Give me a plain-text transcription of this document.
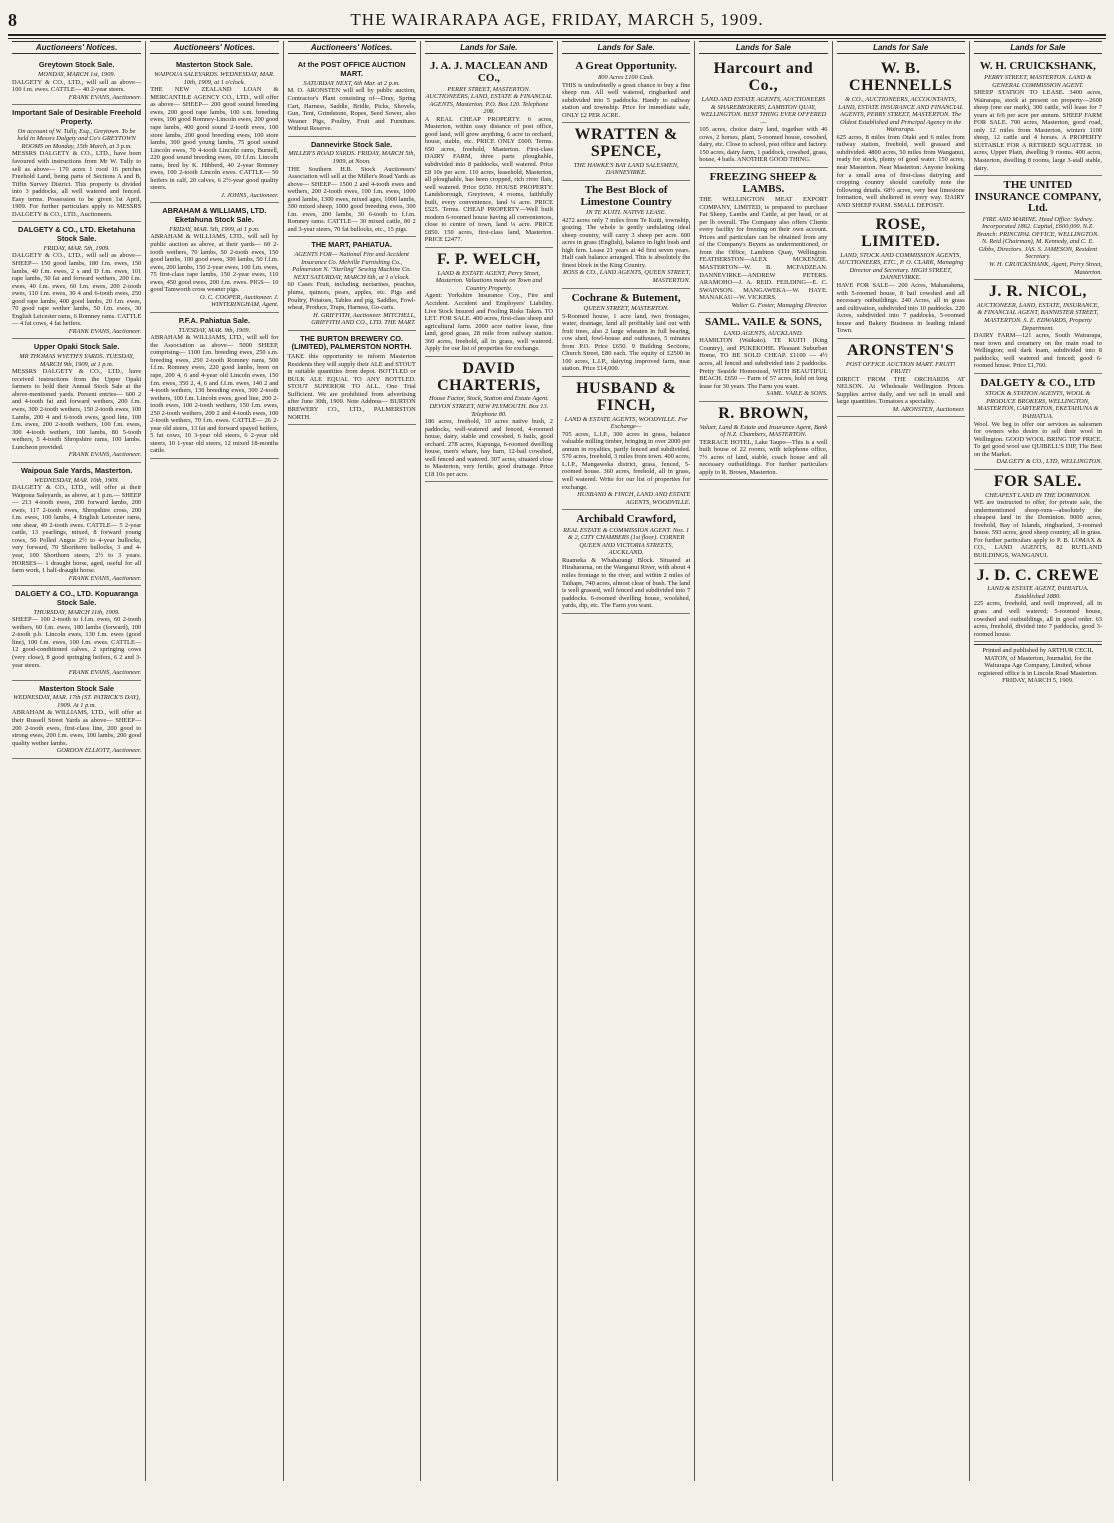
8	THE WAIRARAPA AGE, FRIDAY, MARCH 5, 1909.
Auctioneers' Notices.
Greytown Stock Sale.
MONDAY, MARCH 1st, 1909.
DALGETY & CO., LTD., will sell as above— 100 f.m. ewes. CATTLE— 40 2-year steers.
FRANK EVANS, Auctioneer.
Important Sale of Desirable Freehold Property.
On account of W. Tully, Esq., Greytown. To be held in Messrs Dalgety and Co's GREYTOWN ROOMS on Monday, 15th March, at 3 p.m.
MESSRS DALGETY & CO., LTD., have been favoured with instructions from Mr W. Tully to sell as above— 170 acres 1 rood 16 perches Freehold Land, being parts of Sections A and B, Tiffin Survey District. This property is divided into 3 paddocks, all well watered and fenced. Easy terms. Possession to be given 1st April, 1909. For further particulars apply to MESSRS DALGETY & CO., LTD., Auctioneers.
DALGETY & CO., LTD. Eketahuna Stock Sale.
FRIDAY, MAR. 5th, 1909.
DALGETY & CO., LTD., will sell as above— SHEEP— 150 good lambs, 180 f.m. ewes, 150 lambs, 40 f.m. ewes, 2 s and D f.m. ewes, 101 rape lambs, 50 fat and forward wethers, 200 f.m. ewes, 40 f.m. ewes, 60 f.m. ewes, 200 2-tooth ewes, 110 f.m. ewes, 30 4 and 6-tooth ewes, 250 good rape lambs, 400 good lambs, 20 f.m. ewes, 70 good rape wether lambs, 50 f.m. ewes, 30 English Leicester rams, 6 Romney rams. CATTLE— 4 fat cows, 4 fat heifers.
FRANK EVANS, Auctioneer.
Upper Opaki Stock Sale.
MR THOMAS WYETH'S YARDS. TUESDAY, MARCH 9th, 1909, at 1 p.m.
MESSRS DALGETY & CO., LTD., have received instructions from the Upper Opaki farmers to hold their Annual Stock Sale at the above-mentioned yards. Present entries— 600 2 and 4-tooth fat and forward wethers, 200 f.m. ewes, 300 2-tooth wethers, 150 2-tooth ewes, 100 Lambs, 200 4 and 6-tooth ewes, good line, 100 f.m. ewes, 200 2-tooth wethers, 100 f.m. ewes, 300 4-tooth wethers, 100 lambs, 80 5-tooth wethers, 5 4-tooth Shropshire rams, 100 lambs. Luncheon provided.
FRANK EVANS, Auctioneer.
Waipoua Sale Yards, Masterton.
WEDNESDAY, MAR. 10th, 1909.
DALGETY & CO., LTD., will offer at their Waipoua Saleyards, as above, at 1 p.m.— SHEEP— 213 4-tooth ewes, 200 forward lambs, 200 ewes, 117 2-tooth ewes, Shropshire cross, 200 f.m. ewes, 100 lambs, 4 English Leicester rams, one shear, 49 2-tooth ewes. CATTLE— 5 2-year cattle, 13 yearlings, mixed, 8 forward young cows, 50 Polled Angus 2½ to 4-year bullocks, very forward, 70 Shorthorn bullocks, 3 and 4-year, 100 Shorthorn steers, 2½ to 3 years. HORSES— 1 draught horse, aged, useful for all farm work, 1 half-draught horse.
FRANK EVANS, Auctioneer.
DALGETY & CO., LTD. Kopuaranga Stock Sale.
THURSDAY, MARCH 11th, 1909.
SHEEP— 100 2-tooth to f.f.m. ewes, 60 2-tooth wethers, 60 f.m. ewes, 180 lambs (forward), 100 2-tooth p.b. Lincoln ewes, 130 f.m. ewes (good line), 100 f.m. ewes, 100 f.m. ewes. CATTLE— 12 good-conditioned calves, 2 springing cows (very close), 8 good springing heifers, 6 2 and 3-year steers.
FRANK EVANS, Auctioneer.
Masterton Stock Sale
WEDNESDAY, MAR. 17th (ST. PATRICK'S DAY), 1909. At 1 p.m.
ABRAHAM & WILLIAMS, LTD., will offer at their Russell Street Yards as above— SHEEP— 200 2-tooth ewes, first-class line, 200 good to strong ewes, 200 f.m. ewes, 100 lambs, 200 good quality wether lambs.
GORDON ELLIOTT, Auctioneer.
Auctioneers' Notices.
Masterton Stock Sale.
WAIPOUA SALEYARDS. WEDNESDAY, MAR. 10th, 1909, at 1 o'clock.
THE NEW ZEALAND LOAN & MERCANTILE AGENCY CO., LTD., will offer as above— SHEEP— 200 good sound breeding ewes, 200 good rape lambs, 100 s.m. breeding ewes, 100 good Romney-Lincoln ewes, 200 good rape lambs, 400 good sound 2-tooth ewes, 100 store lambs, 200 good breeding ewes, 100 store lambs, 300 good young lambs, 75 good sound Lincoln ewes, 70 4-tooth Lincoln rams, Burnell, 220 good sound breeding ewes, 10 f.f.m. Lincoln rams, bred by K. Hibberd, 40 2-year Romney ewes, 100 2-tooth Lincoln ewes. CATTLE— 50 heifers in calf, 20 calves, 6 2½-year good quality steers.
J. JOHNS, Auctioneer.
ABRAHAM & WILLIAMS, LTD. Eketahuna Stock Sale.
FRIDAY, MAR. 5th, 1909, at 1 p.m.
ABRAHAM & WILLIAMS, LTD., will sell by public auction as above, at their yards— 60 2-tooth wethers, 70 lambs, 50 2-tooth ewes, 150 good lambs, 100 good ewes, 300 lambs, 50 f.f.m. ewes, 200 lambs, 150 2-year ewes, 100 f.m. ewes, 75 first-class rape lambs, 150 2-year ewes, 110 ewes, 450 good ewes, 200 f.m. ewes. PIGS— 10 good Tamworth cross weaner pigs.
O. C. COOPER, Auctioneer. J. WINTERINGHAM, Agent.
P.F.A. Pahiatua Sale.
TUESDAY, MAR. 9th, 1909.
ABRAHAM & WILLIAMS, LTD., will sell for the Association as above— 5000 SHEEP, comprising— 1100 f.m. breeding ewes, 250 s.m. breeding ewes, 250 2-tooth Romney rams, 500 f.f.m. Romney ewes, 220 good lambs, been on rape, 200 4, 6 and 4-year old Lincoln ewes, 150 f.m. ewes, 350 2, 4, 6 and f.f.m. ewes, 140 2 and 4-tooth wethers, 130 breeding ewes, 300 2-tooth wethers, 100 f.m. Lincoln ewes, good line, 200 2-tooth ewes, 100 2-tooth wethers, 150 f.m. ewes, 250 2-tooth wethers, 200 2 and 4-tooth ewes, 100 2-tooth wethers, 70 f.m. ewes. CATTLE— 26 2-year old steers, 13 fat and forward spayed heifers, 5 fat cows, 10 3-year old steers, 6 2-year old steers, 10 1-year old steers, 12 mixed 18-months cattle.
Auctioneers' Notices.
At the POST OFFICE AUCTION MART.
SATURDAY NEXT, 6th Mar. at 2 p.m.
M. O. ARONSTEN will sell by public auction, Contractor's Plant consisting of—Dray, Spring Cart, Harness, Saddle, Bridle, Picks, Shovels, Gun, Tent, Grindstone, Ropes, Seed Sower, also Weaner Pigs, Poultry, Fruit and Furniture. Without Reserve.
Dannevirke Stock Sale.
MILLER'S ROAD YARDS. FRIDAY, MARCH 5th, 1909, at Noon.
THE Southern H.B. Stock Auctioneers' Association will sell at the Miller's Road Yards as above— SHEEP— 1500 2 and 4-tooth ewes and wethers, 200 2-tooth ewes, 100 f.m. ewes, 1000 good lambs, 1300 ewes, mixed ages, 1000 lambs, 300 mixed sheep, 1000 good breeding ewes, 300 f.m. ewes, 200 lambs, 30 6-tooth to f.f.m. Romney rams. CATTLE— 30 mixed cattle, 80 2 and 3-year steers, 70 fat bullocks, etc., 15 pigs.
THE MART, PAHIATUA.
AGENTS FOR— National Fire and Accident Insurance Co. Melville Furnishing Co., Palmerston N. "Sterling" Sewing Machine Co. NEXT SATURDAY, MARCH 6th, at 1 o'clock.
60 Cases Fruit, including nectarines, peaches, plums, quinces, pears, apples, etc. Pigs and Poultry, Potatoes, Tables and pig, Saddles, Fowl-wheat, Produce, Traps, Harness, Go-carts.
H. GRIFFITH, Auctioneer. MITCHELL, GRIFFITH AND CO., LTD. THE MART.
THE BURTON BREWERY CO. (LIMITED), PALMERSTON NORTH.
TAKE this opportunity to inform Masterton Residents they will supply their ALE and STOUT in suitable quantities from depot. BOTTLED or BULK ALE EQUAL TO ANY BOTTLED. STOUT SUPERIOR TO ALL. One Trial Sufficient. We are prohibited from advertising after June 30th, 1909. Note Address— BURTON BREWERY CO., LTD., PALMERSTON NORTH.
Lands for Sale.
J. A. J. MACLEAN AND CO.,
PERRY STREET, MASTERTON. AUCTIONEERS, LAND, ESTATE & FINANCIAL AGENTS, Masterton. P.O. Box 120. Telephone 208.
A REAL CHEAP PROPERTY. 6 acres, Masterton, within easy distance of post office, good land, will grow anything, 6 acre in orchard, house, stable, etc. PRICE ONLY £600. Terms. 650 acres, freehold, Masterton. First-class DAIRY FARM, three parts ploughable, subdivided into 8 paddocks, well watered. Price £8 10s per acre. 110 acres, leasehold, Masterton, all ploughable, has been cropped, rich river flats, well watered. Price £650. HOUSE PROPERTY. Landsborough, Greytown, 4 rooms, faithfully built, every convenience, land ¼ acre. PRICE £525. Terms. CHEAP PROPERTY—Well built modern 6-roomed house having all conveniences, close to centre of town, land ¼ acre. PRICE £850. 150 acres, first-class land, Masterton. PRICE £2477.
F. P. WELCH,
LAND & ESTATE AGENT, Perry Street, Masterton. Valuations made on Town and Country Property.
Agent: Yorkshire Insurance Coy., Fire and Accident. Accident and Employers' Liability. Live Stock Insured and Fooling Risks Taken. TO LET. FOR SALE. 400 acres, first-class sheep and agricultural farm. 2000 acre native lease, fine land, good grass, 28 mile from railway station. 360 acres, freehold, all in grass, well watered. Apply for our list of properties for exchange.
DAVID CHARTERIS,
House Factor, Stock, Station and Estate Agent. DEVON STREET, NEW PLYMOUTH. Box 13. Telephone 80.
186 acres, freehold, 10 acres native bush, 2 paddocks, well-watered and fenced, 4-roomed house, dairy, stable and cowshed, 6 bails, good orchard. 278 acres, Kapunga, 6-roomed dwelling house, men's whare, hay barn, 12-bail cowshed, well fenced and watered. 307 acres, situated close to Masterton, very fertile, good drainage. Price £18 10s per acre.
Lands for Sale.
A Great Opportunity.
800 Acres £100 Cash.
THIS is undoubtedly a great chance to buy a fine sheep run. All well watered, ringbarked and subdivided into 5 paddocks. Handy to railway station and township. Price for immediate sale, ONLY £2 PER ACRE.
WRATTEN & SPENCE,
THE HAWKE'S BAY LAND SALESMEN, DANNEVIRKE.
The Best Block of Limestone Country
IN TE KUITI. NATIVE LEASE.
4272 acres only 7 miles from Te Kuiti, township, grazing. The whole is gently undulating ideal sheep country, will carry 3 sheep per acre. 600 acres in grass (English), balance in light bush and high fern. Lease 21 years at 4d first seven years. Half cash balance arranged. This is absolutely the finest block in the King Country.
ROSS & CO., LAND AGENTS, QUEEN STREET, MASTERTON.
Cochrane & Butement,
QUEEN STREET, MASTERTON.
5-Roomed house, 1 acre land, two frontages, water, drainage, land all profitably laid out with fruit trees, also 2 large wheaten in full bearing, cow shed, fowl-house and outhouses, 5 minutes from P.O. Price £650. 9 Building Sections, Church Street, £80 each. The equity of £2500 in 100 acres, L.I.P., dairying improved farm, near station. Price £14,000.
HUSBAND & FINCH,
LAND & ESTATE AGENTS, WOODVILLE. For Exchange—
705 acres, L.I.P., 300 acres in grass, balance valuable milling timber, bringing in over 2000 per annum in royalties, partly fenced and subdivided. 570 acres, freehold, 3 miles from town. 400 acres, L.I.P., Mangaweka district, grass, fenced, 5-roomed house. 360 acres, freehold, all in grass, well watered. Write for our list of properties for exchange.
HUSBAND & FINCH, LAND AND ESTATE AGENTS, WOODVILLE.
Archibald Crawford,
REAL ESTATE & COMMISSION AGENT. Nos. 1 & 2, CITY CHAMBERS (1st floor). CORNER QUEEN AND VICTORIA STREETS, AUCKLAND.
Ruameka & Whaharangi Block. Situated at Hirahararua, on the Wanganui River, with about 4 miles frontage to the river, and within 2 miles of Taihape, 740 acres, almost clear of bush. The land is well grassed, well fenced and subdivided into 7 paddocks. 6-roomed dwelling house, woolshed, yards, dip, etc. The Farm you want.
Lands for Sale
Harcourt and Co.,
LAND AND ESTATE AGENTS, AUCTIONEERS & SHAREBROKERS, LAMBTON QUAY, WELLINGTON. BEST THING EVER OFFERED—
105 acres, choice dairy land, together with 46 cows, 2 horses, plant, 5-roomed house, cowshed, dairy, etc. Close to school, post office and factory. 150 acres, dairy farm, 1 paddock, cowshed, grass, house, 4 bails. ANOTHER GOOD THING.
FREEZING SHEEP & LAMBS.
THE WELLINGTON MEAT EXPORT COMPANY, LIMITED, is prepared to purchase Fat Sheep, Lambs and Cattle, at per head, or at per lb overall. The Company also offers Clients every facility for freezing on their own account. Prices and particulars can be obtained from any of the Company's Buyers as undermentioned, or from the Office, Lambton Quay, Wellington. FEATHERSTON—ALEX MCKENZIE. MASTERTON—W. B. MCFADZEAN. DANNEVIRKE—ANDREW PETERS. ARAMOHO—J. A. REID. FEILDING—E. C. SWAINSON. MANGAWEKA—W. HAYE. MANAKAU—W. VICKERS.
Walter G. Foster, Managing Director.
SAML. VAILE & SONS,
LAND AGENTS, AUCKLAND.
HAMILTON (Waikato). TE KUITI (King Country), and PUKEKOHE. Pleasant Suburban Home, TO BE SOLD CHEAP. £1100 — 4½ acres, all fenced and subdivided into 2 paddocks. Pretty Seaside Homestead, WITH BEAUTIFUL BEACH. £650 — Farm of 57 acres, hold on long lease for 30 years. The Farm you want.
SAML. VAILE & SONS.
R. BROWN,
Valuer, Land & Estate and Insurance Agent, Bank of N.Z. Chambers, MASTERTON.
TERRACE HOTEL, Lake Taupo—This is a well built house of 22 rooms, with telephone office, 7½ acres of land, stable, coach house and all necessary outbuildings. For further particulars apply to R. Brown, Masterton.
Lands for Sale
W. B. CHENNELLS
& CO., AUCTIONEERS, ACCOUNTANTS, LAND, ESTATE INSURANCE AND FINANCIAL AGENTS, PERRY STREET, MASTERTON. The Oldest Established and Principal Agency in the Wairarapa.
625 acres, 8 miles from Otaki and 6 miles from railway station, freehold, well grassed and subdivided. 4800 acres, 50 miles from Wanganui, ready for stock, plenty of good water. 150 acres, near Masterton. Near Masterton: Anyone looking for a small area of first-class dairying and cropping country should carefully note the following details. 68½ acres, very best limestone formation, well sheltered in every way. DAIRY AND SHEEP FARM. SMALL DEPOSIT.
ROSE, LIMITED.
LAND, STOCK AND COMMISSION AGENTS, AUCTIONEERS, ETC., P. O. CLARK, Managing Director and Secretary. HIGH STREET, DANNEVIRKE.
HAVE FOR SALE— 200 Acres, Mahanahena, with 5-roomed house, 8 bail cowshed and all necessary outbuildings. 240 Acres, all in grass and cultivation, subdivided into 10 paddocks. 220 Acres, subdivided into 7 paddocks, 5-roomed house and Bakery Business in leading inland Town.
ARONSTEN'S
POST OFFICE AUCTION MART. FRUIT! FRUIT!
DIRECT FROM THE ORCHARDS AT NELSON. At Wholesale Wellington Prices. Supplies arrive daily, and we sell in small and large quantities. Tomatoes a speciality.
M. ARONSTEN, Auctioneer.
Lands for Sale
W. H. CRUICKSHANK,
PERRY STREET, MASTERTON. LAND & GENERAL COMMISSION AGENT.
SHEEP STATION TO LEASE. 3400 acres, Wairarapa, stock at present on property—2600 sheep (one ear mark), 300 cattle, will lease for 7 years at 6/6 per acre per annum. SHEEP FARM FOR SALE. 700 acres, Masterton, good road, only 12 miles from Masterton, winters 1100 sheep, 12 cattle and 4 horses. A PROPERTY SUITABLE FOR A RETIRED SQUATTER. 10 acres, Upper Plain, dwelling 9 rooms. 400 acres, Masterton, dwelling 8 rooms, large 3-stall stable, dairy.
THE UNITED INSURANCE COMPANY, Ltd.
FIRE AND MARINE. Head Office: Sydney. Incorporated 1862. Capital, £600,000. N.Z. Branch: PRINCIPAL OFFICE, WELLINGTON. N. Reid (Chairman), M. Kennedy, and C. E. Gibbs, Directors. JAS. S. JAMESON, Resident Secretary.
W. H. CRUICKSHANK, Agent, Perry Street, Masterton.
J. R. NICOL,
AUCTIONEER, LAND, ESTATE, INSURANCE, & FINANCIAL AGENT, BANNISTER STREET, MASTERTON. S. E. EDWARDS, Property Department.
DAIRY FARM—121 acres, South Wairarapa, near town and creamery on the main road to Wellington; soil dark loam, subdivided into 8 paddocks, well watered and fenced; good 6-roomed house. Price £1,760.
DALGETY & CO., LTD
STOCK & STATION AGENTS, WOOL & PRODUCE BROKERS, WELLINGTON, MASTERTON, CARTERTON, EKETAHUNA & PAHIATUA.
Wool. We beg to offer our services as salesmen for owners who desire to sell their wool in Wellington. GOOD WOOL BRING TOP PRICE. To get good wool use QUIBELL'S DIP, The Best on the Market.
DALGETY & CO., LTD, WELLINGTON.
FOR SALE.
CHEAPEST LAND IN THE DOMINION.
WE are instructed to offer, for private sale, the undermentioned sheep-runs—absolutely the cheapest land in the Dominion. 9000 acres, freehold, Bay of Islands, ringbarked, 3-roomed house. 593 acres, good sheep country, all in grass. For further particulars apply to P. B. LOMAX & CO., LAND AGENTS, 82 RUTLAND BUILDINGS, WANGANUI.
J. D. C. CREWE
LAND & ESTATE AGENT, PAHIATUA. Established 1880.
225 acres, freehold, and well improved, all in grass and well watered; 5-roomed house, cowshed and outbuildings, all in good order. 63 acres, freehold, divided into 7 paddocks, good 3-roomed house.
Printed and published by ARTHUR CECIL MATON, of Masterton, Journalist, for the Wairarapa Age Company, Limited, whose registered office is in Lincoln Road Masterton. FRIDAY, MARCH 5, 1909.
